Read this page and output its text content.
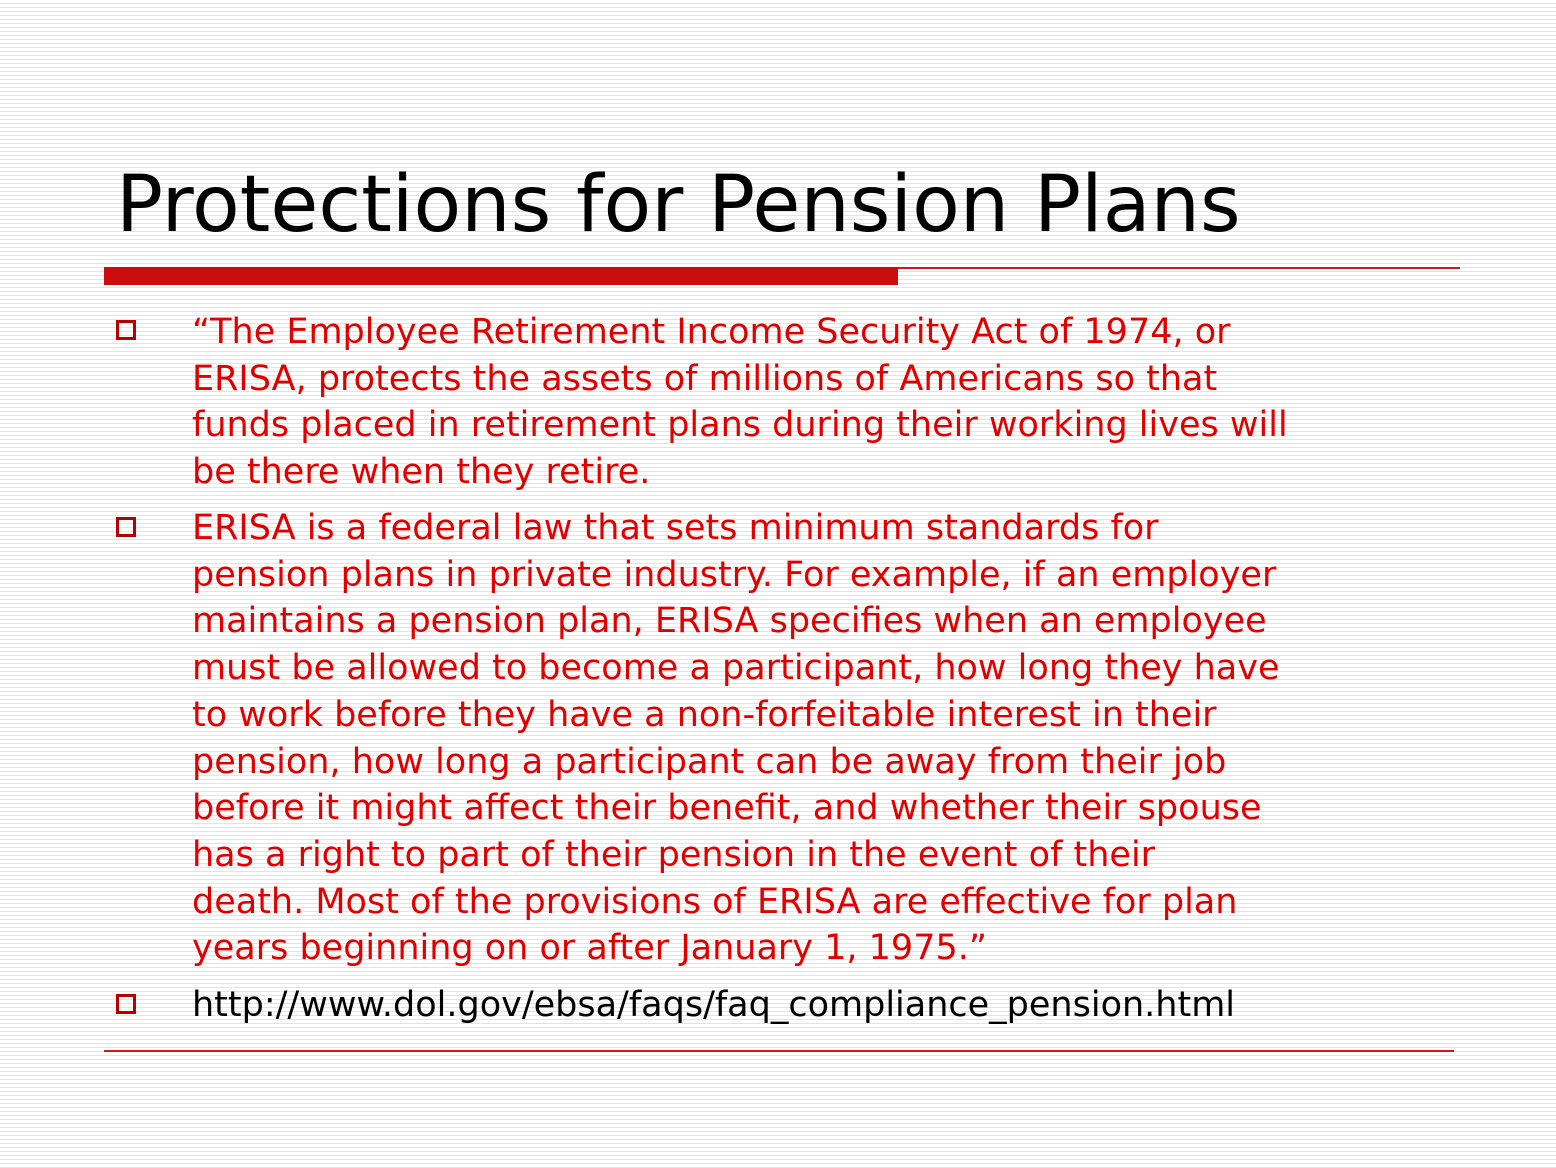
Protections for Pension Plans
“The Employee Retirement Income Security Act of 1974, or
ERISA, protects the assets of millions of Americans so that
funds placed in retirement plans during their working lives will
be there when they retire.
ERISA is a federal law that sets minimum standards for
pension plans in private industry. For example, if an employer
maintains a pension plan, ERISA specifies when an employee
must be allowed to become a participant, how long they have
to work before they have a non-forfeitable interest in their
pension, how long a participant can be away from their job
before it might affect their benefit, and whether their spouse
has a right to part of their pension in the event of their
death. Most of the provisions of ERISA are effective for plan
years beginning on or after January 1, 1975.”
http://www.dol.gov/ebsa/faqs/faq_compliance_pension.html
